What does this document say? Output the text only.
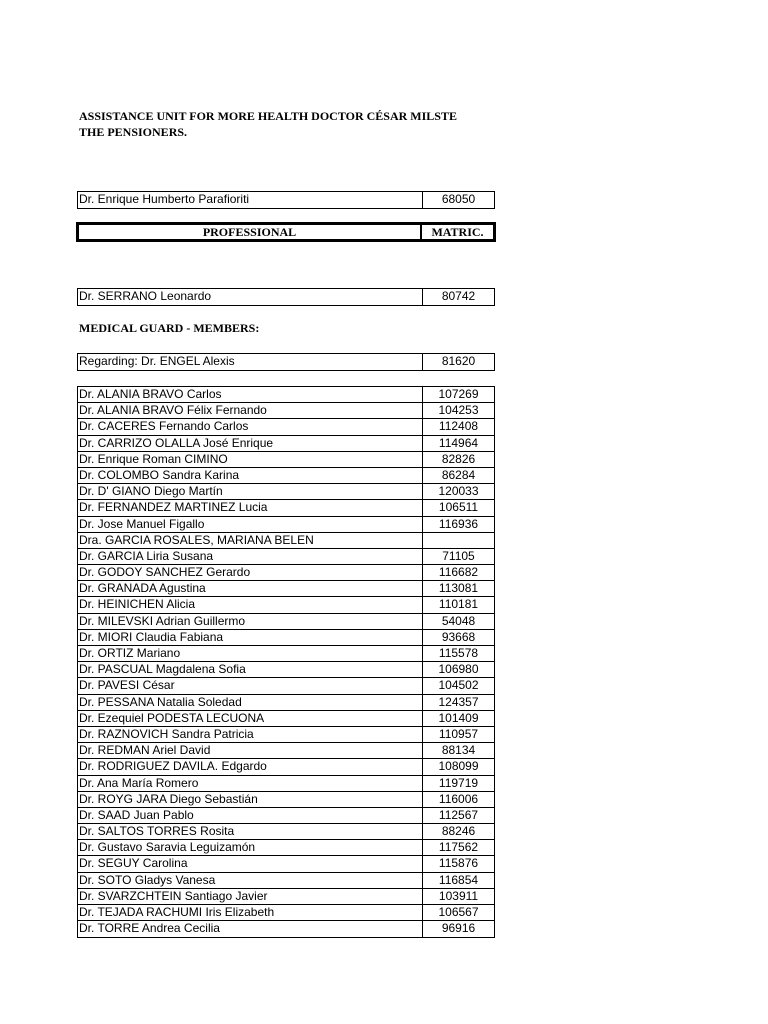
ASSISTANCE UNIT FOR MORE HEALTH DOCTOR CÉSAR MILSTE
THE PENSIONERS.
Dr. Enrique Humberto Parafioriti	68050
PROFESSIONAL	MATRIC.
Dr. SERRANO Leonardo	80742
MEDICAL GUARD - MEMBERS:
Regarding: Dr. ENGEL Alexis	81620
Dr. ALANIA BRAVO Carlos	107269
Dr. ALANIA BRAVO Félix Fernando	104253
Dr. CACERES Fernando Carlos	112408
Dr. CARRIZO OLALLA José Enrique	114964
Dr. Enrique Roman CIMINO	82826
Dr. COLOMBO Sandra Karina	86284
Dr. D' GIANO Diego Martín	120033
Dr. FERNANDEZ MARTINEZ Lucia	106511
Dr. Jose Manuel Figallo	116936
Dra. GARCIA ROSALES, MARIANA BELEN
Dr. GARCIA Liria Susana	71105
Dr. GODOY SANCHEZ Gerardo	116682
Dr. GRANADA Agustina	113081
Dr. HEINICHEN Alicia	110181
Dr. MILEVSKI Adrian Guillermo	54048
Dr. MIORI Claudia Fabiana	93668
Dr. ORTIZ Mariano	115578
Dr. PASCUAL Magdalena Sofia	106980
Dr. PAVESI César	104502
Dr. PESSANA Natalia Soledad	124357
Dr. Ezequiel PODESTA LECUONA	101409
Dr. RAZNOVICH Sandra Patricia	110957
Dr. REDMAN Ariel David	88134
Dr. RODRIGUEZ DAVILA. Edgardo	108099
Dr. Ana María Romero	119719
Dr. ROYG JARA Diego Sebastián	116006
Dr. SAAD Juan Pablo	112567
Dr. SALTOS TORRES Rosita	88246
Dr. Gustavo Saravia Leguizamón	117562
Dr. SEGUY Carolina	115876
Dr. SOTO Gladys Vanesa	116854
Dr. SVARZCHTEIN Santiago Javier	103911
Dr. TEJADA RACHUMI Iris Elizabeth	106567
Dr. TORRE Andrea Cecilia	96916
